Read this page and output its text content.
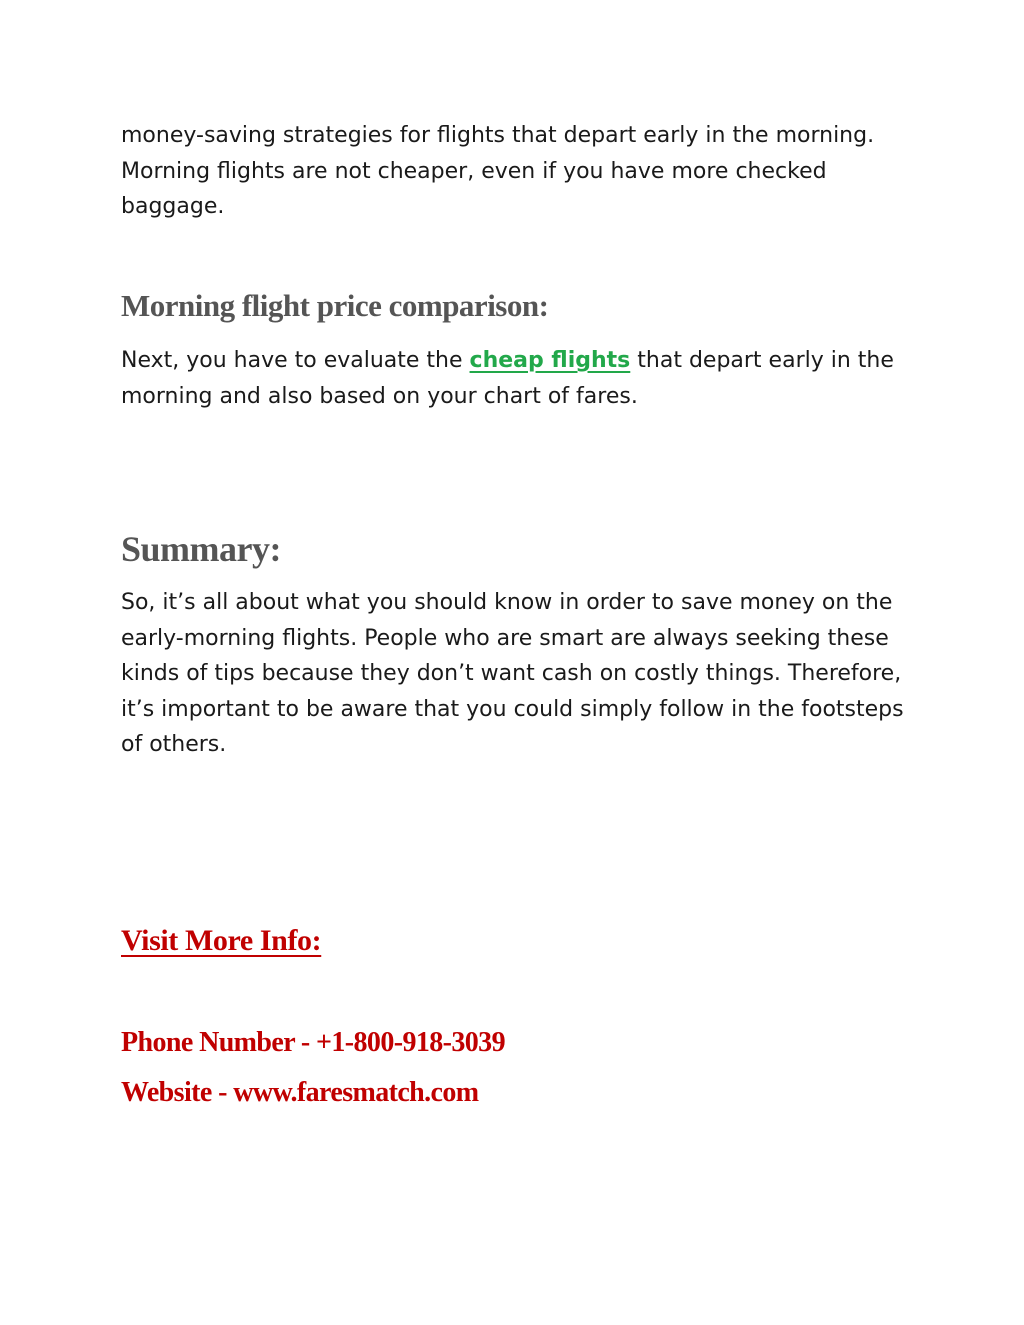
money-saving strategies for flights that depart early in the morning. Morning flights are not cheaper, even if you have more checked baggage.

Morning flight price comparison:

Next, you have to evaluate the cheap flights that depart early in the morning and also based on your chart of fares.

Summary:

So, it’s all about what you should know in order to save money on the early-morning flights. People who are smart are always seeking these kinds of tips because they don’t want cash on costly things. Therefore, it’s important to be aware that you could simply follow in the footsteps of others.

Visit More Info:
Phone Number - +1-800-918-3039
Website - www.faresmatch.com
